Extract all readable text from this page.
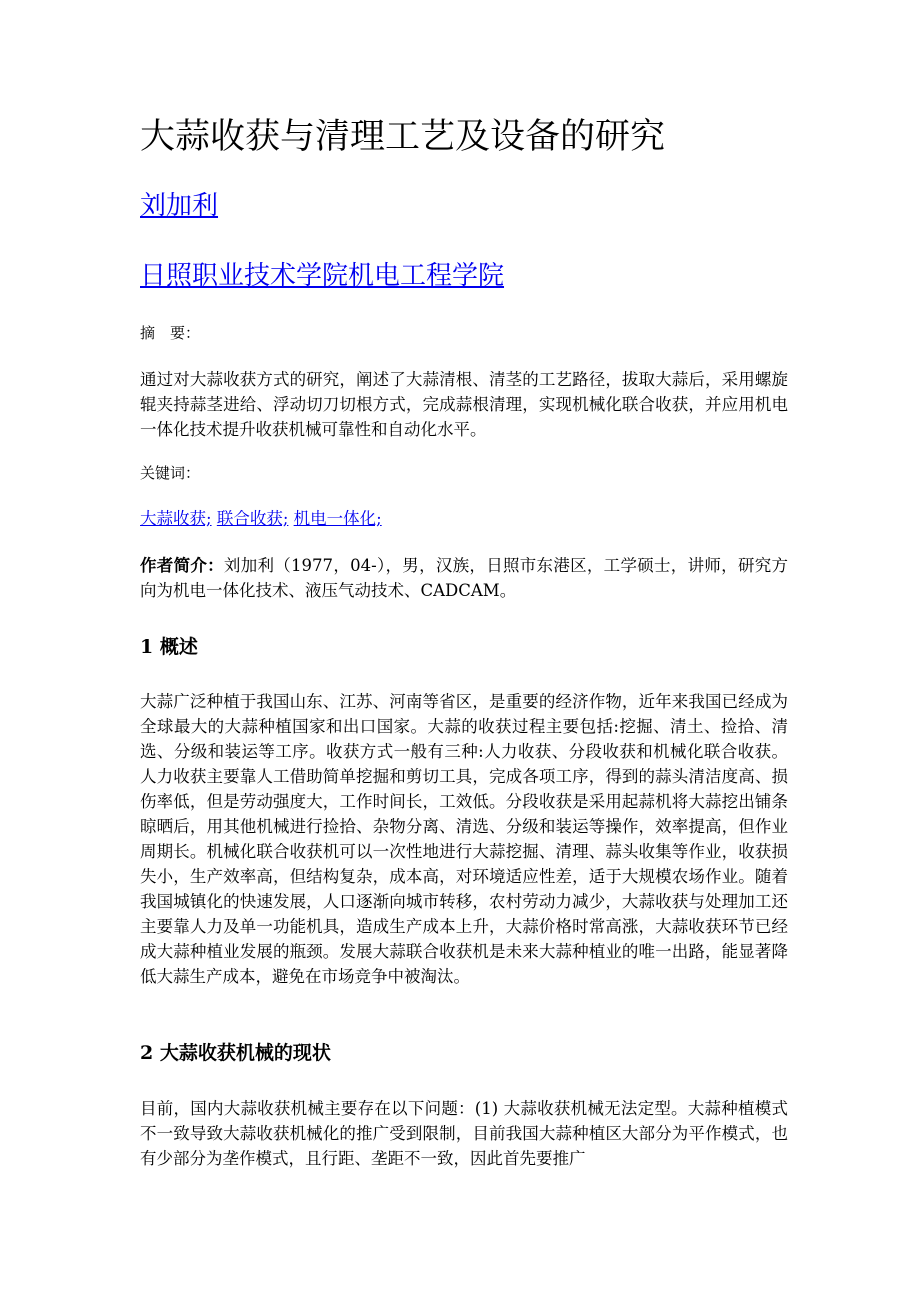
大蒜收获与清理工艺及设备的研究
刘加利
日照职业技术学院机电工程学院
摘　要：

通过对大蒜收获方式的研究，阐述了大蒜清根、清茎的工艺路径，拔取大蒜后，采用螺旋辊夹持蒜茎进给、浮动切刀切根方式，完成蒜根清理，实现机械化联合收获，并应用机电一体化技术提升收获机械可靠性和自动化水平。

关键词：
大蒜收获; 联合收获; 机电一体化;

作者简介：刘加利（1977，04-），男，汉族，日照市东港区，工学硕士，讲师，研究方向为机电一体化技术、液压气动技术、CADCAM。

1 概述

大蒜广泛种植于我国山东、江苏、河南等省区，是重要的经济作物，近年来我国已经成为全球最大的大蒜种植国家和出口国家。大蒜的收获过程主要包括:挖掘、清土、捡拾、清选、分级和装运等工序。收获方式一般有三种:人力收获、分段收获和机械化联合收获。人力收获主要靠人工借助简单挖掘和剪切工具，完成各项工序，得到的蒜头清洁度高、损伤率低，但是劳动强度大，工作时间长，工效低。分段收获是采用起蒜机将大蒜挖出铺条晾晒后，用其他机械进行捡拾、杂物分离、清选、分级和装运等操作，效率提高，但作业周期长。机械化联合收获机可以一次性地进行大蒜挖掘、清理、蒜头收集等作业，收获损失小，生产效率高，但结构复杂，成本高，对环境适应性差，适于大规模农场作业。随着我国城镇化的快速发展，人口逐渐向城市转移，农村劳动力减少，大蒜收获与处理加工还主要靠人力及单一功能机具，造成生产成本上升，大蒜价格时常高涨，大蒜收获环节已经成大蒜种植业发展的瓶颈。发展大蒜联合收获机是未来大蒜种植业的唯一出路，能显著降低大蒜生产成本，避免在市场竞争中被淘汰。

2 大蒜收获机械的现状

目前，国内大蒜收获机械主要存在以下问题：(1) 大蒜收获机械无法定型。大蒜种植模式不一致导致大蒜收获机械化的推广受到限制，目前我国大蒜种植区大部分为平作模式，也有少部分为垄作模式，且行距、垄距不一致，因此首先要推广
